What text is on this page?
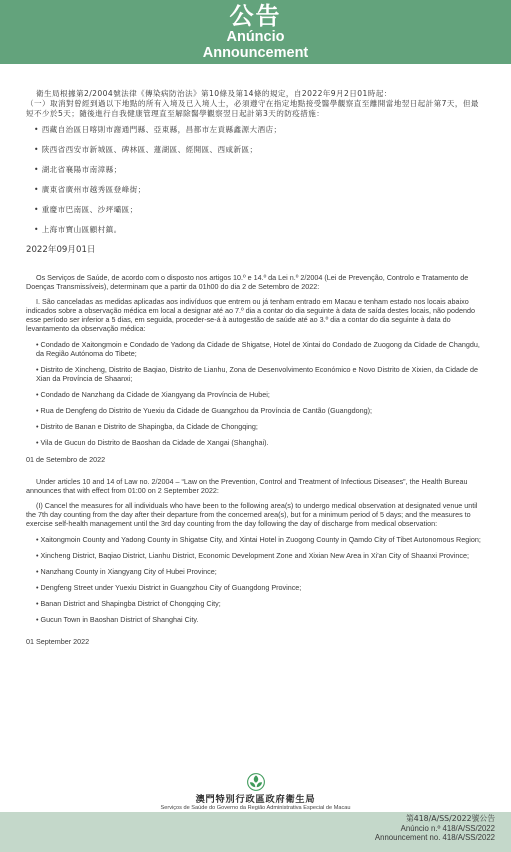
公告
Anúncio
Announcement

衛生局根據第2/2004號法律《傳染病防治法》第10條及第14條的規定，自2022年9月2日01時起：

（一）取消對曾經到過以下地點的所有入境及已入境人士，必須遵守在指定地點接受醫學觀察直至離開當地翌日起計第7天，但最短不少於5天；隨後進行自我健康管理直至解除醫學觀察翌日起計第3天的防疫措施：

• 西藏自治區日喀則市謝通門縣、亞東縣，昌都市左貢縣鑫源大酒店；

• 陝西省西安市新城區、碑林區、蓮湖區、經開區、西咸新區；

• 湖北省襄陽市南漳縣；

• 廣東省廣州市越秀區登峰街；

• 重慶市巴南區、沙坪壩區；

• 上海市寶山區顧村鎮。

2022年09月01日

Os Serviços de Saúde, de acordo com o disposto nos artigos 10.º e 14.º da Lei n.º 2/2004 (Lei de Prevenção, Controlo e Tratamento de Doenças Transmissíveis), determinam que a partir da 01h00 do dia 2 de Setembro de 2022:

I. São canceladas as medidas aplicadas aos indivíduos que entrem ou já tenham entrado em Macau e tenham estado nos locais abaixo indicados sobre a observação médica em local a designar até ao 7.º dia a contar do dia seguinte à data de saída destes locais, não podendo esse período ser inferior a 5 dias, em seguida, proceder-se-á à autogestão de saúde até ao 3.º dia a contar do dia seguinte à data do levantamento da observação médica:

• Condado de Xaitongmoin e Condado de Yadong da Cidade de Shigatse, Hotel de Xintai do Condado de Zuogong da Cidade de Changdu, da Região Autónoma do Tibete;

• Distrito de Xincheng, Distrito de Baqiao, Distrito de Lianhu, Zona de Desenvolvimento Económico e Novo Distrito de Xixien, da Cidade de Xian da Província de Shaanxi;

• Condado de Nanzhang da Cidade de Xiangyang da Província de Hubei;

• Rua de Dengfeng do Distrito de Yuexiu da Cidade de Guangzhou da Província de Cantão (Guangdong);

• Distrito de Banan e Distrito de Shapingba, da Cidade de Chongqing;

• Vila de Gucun do Distrito de Baoshan da Cidade de Xangai (Shanghai).

01 de Setembro de 2022

Under articles 10 and 14 of Law no. 2/2004 – “Law on the Prevention, Control and Treatment of Infectious Diseases”, the Health Bureau announces that with effect from 01:00 on 2 September 2022:

(I) Cancel the measures for all individuals who have been to the following area(s) to undergo medical observation at designated venue until the 7th day counting from the day after their departure from the concerned area(s), but for a minimum period of 5 days; and the measures to exercise self-health management until the 3rd day counting from the day following the day of discharge from medical observation:

• Xaitongmoin County and Yadong County in Shigatse City, and Xintai Hotel in Zuogong County in Qamdo City of Tibet Autonomous Region;

• Xincheng District, Baqiao District, Lianhu District, Economic Development Zone and Xixian New Area in Xi'an City of Shaanxi Province;

• Nanzhang County in Xiangyang City of Hubei Province;

• Dengfeng Street under Yuexiu District in Guangzhou City of Guangdong Province;

• Banan District and Shapingba District of Chongqing City;

• Gucun Town in Baoshan District of Shanghai City.

01 September 2022

澳門特別行政區政府衛生局
Serviços de Saúde do Governo da Região Administrativa Especial de Macau
第418/A/SS/2022號公告
Anúncio n.º 418/A/SS/2022
Announcement no. 418/A/SS/2022
